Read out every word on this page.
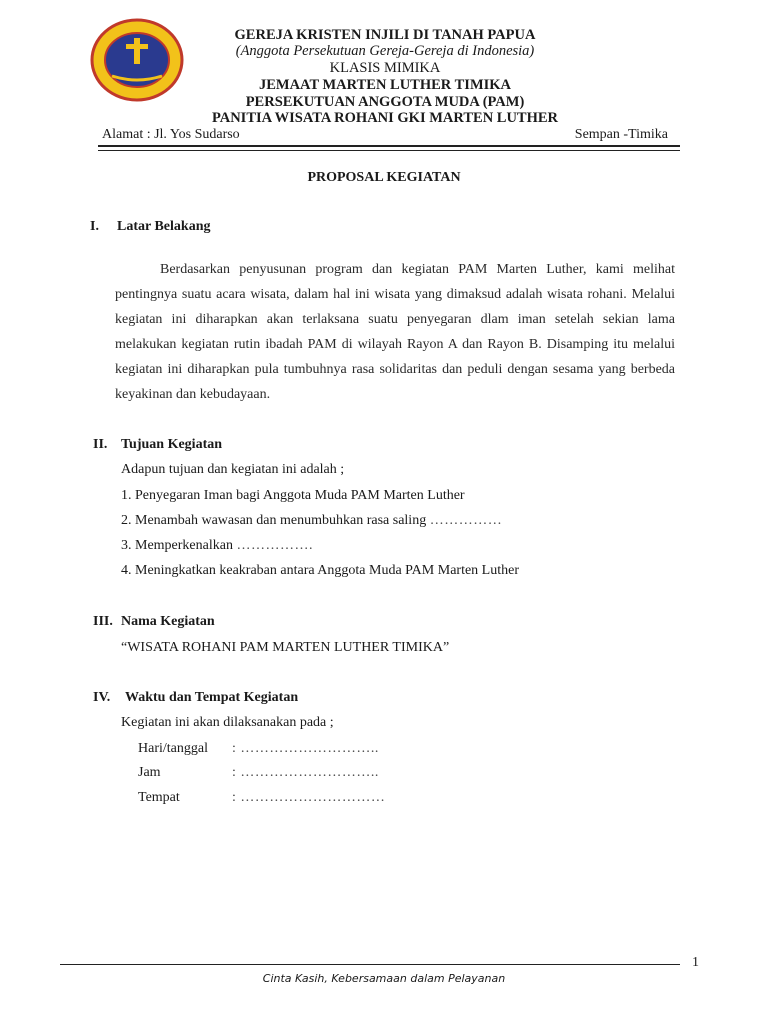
GEREJA KRISTEN INJILI DI TANAH PAPUA
(Anggota Persekutuan Gereja-Gereja di Indonesia)
KLASIS MIMIKA
JEMAAT MARTEN LUTHER TIMIKA
PERSEKUTUAN ANGGOTA MUDA (PAM)
PANITIA WISATA ROHANI GKI MARTEN LUTHER
Alamat : Jl. Yos Sudarso	Sempan -Timika
PROPOSAL KEGIATAN
I. Latar Belakang

Berdasarkan penyusunan program dan kegiatan PAM Marten Luther, kami melihat pentingnya suatu acara wisata, dalam hal ini wisata yang dimaksud adalah wisata rohani. Melalui kegiatan ini diharapkan akan terlaksana suatu penyegaran dlam iman setelah sekian lama melakukan kegiatan rutin ibadah PAM di wilayah Rayon A dan Rayon B. Disamping itu melalui kegiatan ini diharapkan pula tumbuhnya rasa solidaritas dan peduli dengan sesama yang berbeda keyakinan dan kebudayaan.

II. Tujuan Kegiatan
Adapun tujuan dan kegiatan ini adalah ;
1. Penyegaran Iman bagi Anggota Muda PAM Marten Luther
2. Menambah wawasan dan menumbuhkan rasa saling ……………
3. Memperkenalkan …………….
4. Meningkatkan keakraban antara Anggota Muda PAM Marten Luther
III. Nama Kegiatan
“WISATA ROHANI PAM MARTEN LUTHER TIMIKA”
IV. Waktu dan Tempat Kegiatan
Kegiatan ini akan dilaksanakan pada ;
Hari/tanggal : ………………………..
Jam	: ………………………..
Tempat	: …………………………
1
Cinta Kasih, Kebersamaan dalam Pelayanan
